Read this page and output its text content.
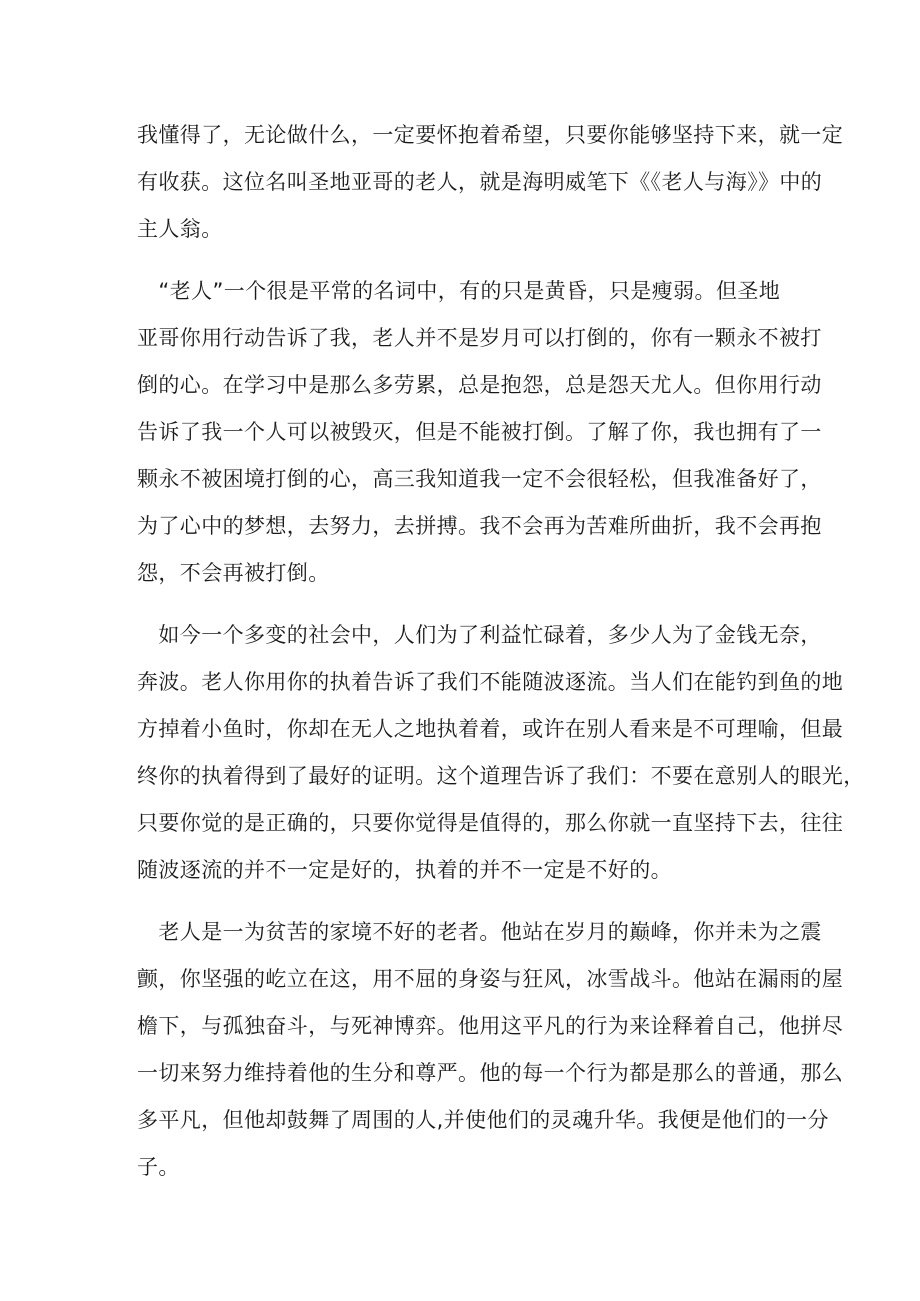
我懂得了，无论做什么，一定要怀抱着希望，只要你能够坚持下来，就一定
有收获。这位名叫圣地亚哥的老人，就是海明威笔下《《老人与海》》中的
主人翁。
　“老人”一个很是平常的名词中，有的只是黄昏，只是瘦弱。但圣地
亚哥你用行动告诉了我，老人并不是岁月可以打倒的，你有一颗永不被打
倒的心。在学习中是那么多劳累，总是抱怨，总是怨天尤人。但你用行动
告诉了我一个人可以被毁灭，但是不能被打倒。了解了你，我也拥有了一
颗永不被困境打倒的心，高三我知道我一定不会很轻松，但我准备好了，
为了心中的梦想，去努力，去拼搏。我不会再为苦难所曲折，我不会再抱
怨，不会再被打倒。
　如今一个多变的社会中，人们为了利益忙碌着，多少人为了金钱无奈，
奔波。老人你用你的执着告诉了我们不能随波逐流。当人们在能钓到鱼的地
方掉着小鱼时，你却在无人之地执着着，或许在别人看来是不可理喻，但最
终你的执着得到了最好的证明。这个道理告诉了我们：不要在意别人的眼光，
只要你觉的是正确的，只要你觉得是值得的，那么你就一直坚持下去，往往
随波逐流的并不一定是好的，执着的并不一定是不好的。
　老人是一为贫苦的家境不好的老者。他站在岁月的巅峰，你并未为之震
颤，你坚强的屹立在这，用不屈的身姿与狂风，冰雪战斗。他站在漏雨的屋
檐下，与孤独奋斗，与死神博弈。他用这平凡的行为来诠释着自己，他拼尽
一切来努力维持着他的生分和尊严。他的每一个行为都是那么的普通，那么
多平凡，但他却鼓舞了周围的人,并使他们的灵魂升华。我便是他们的一分
子。
